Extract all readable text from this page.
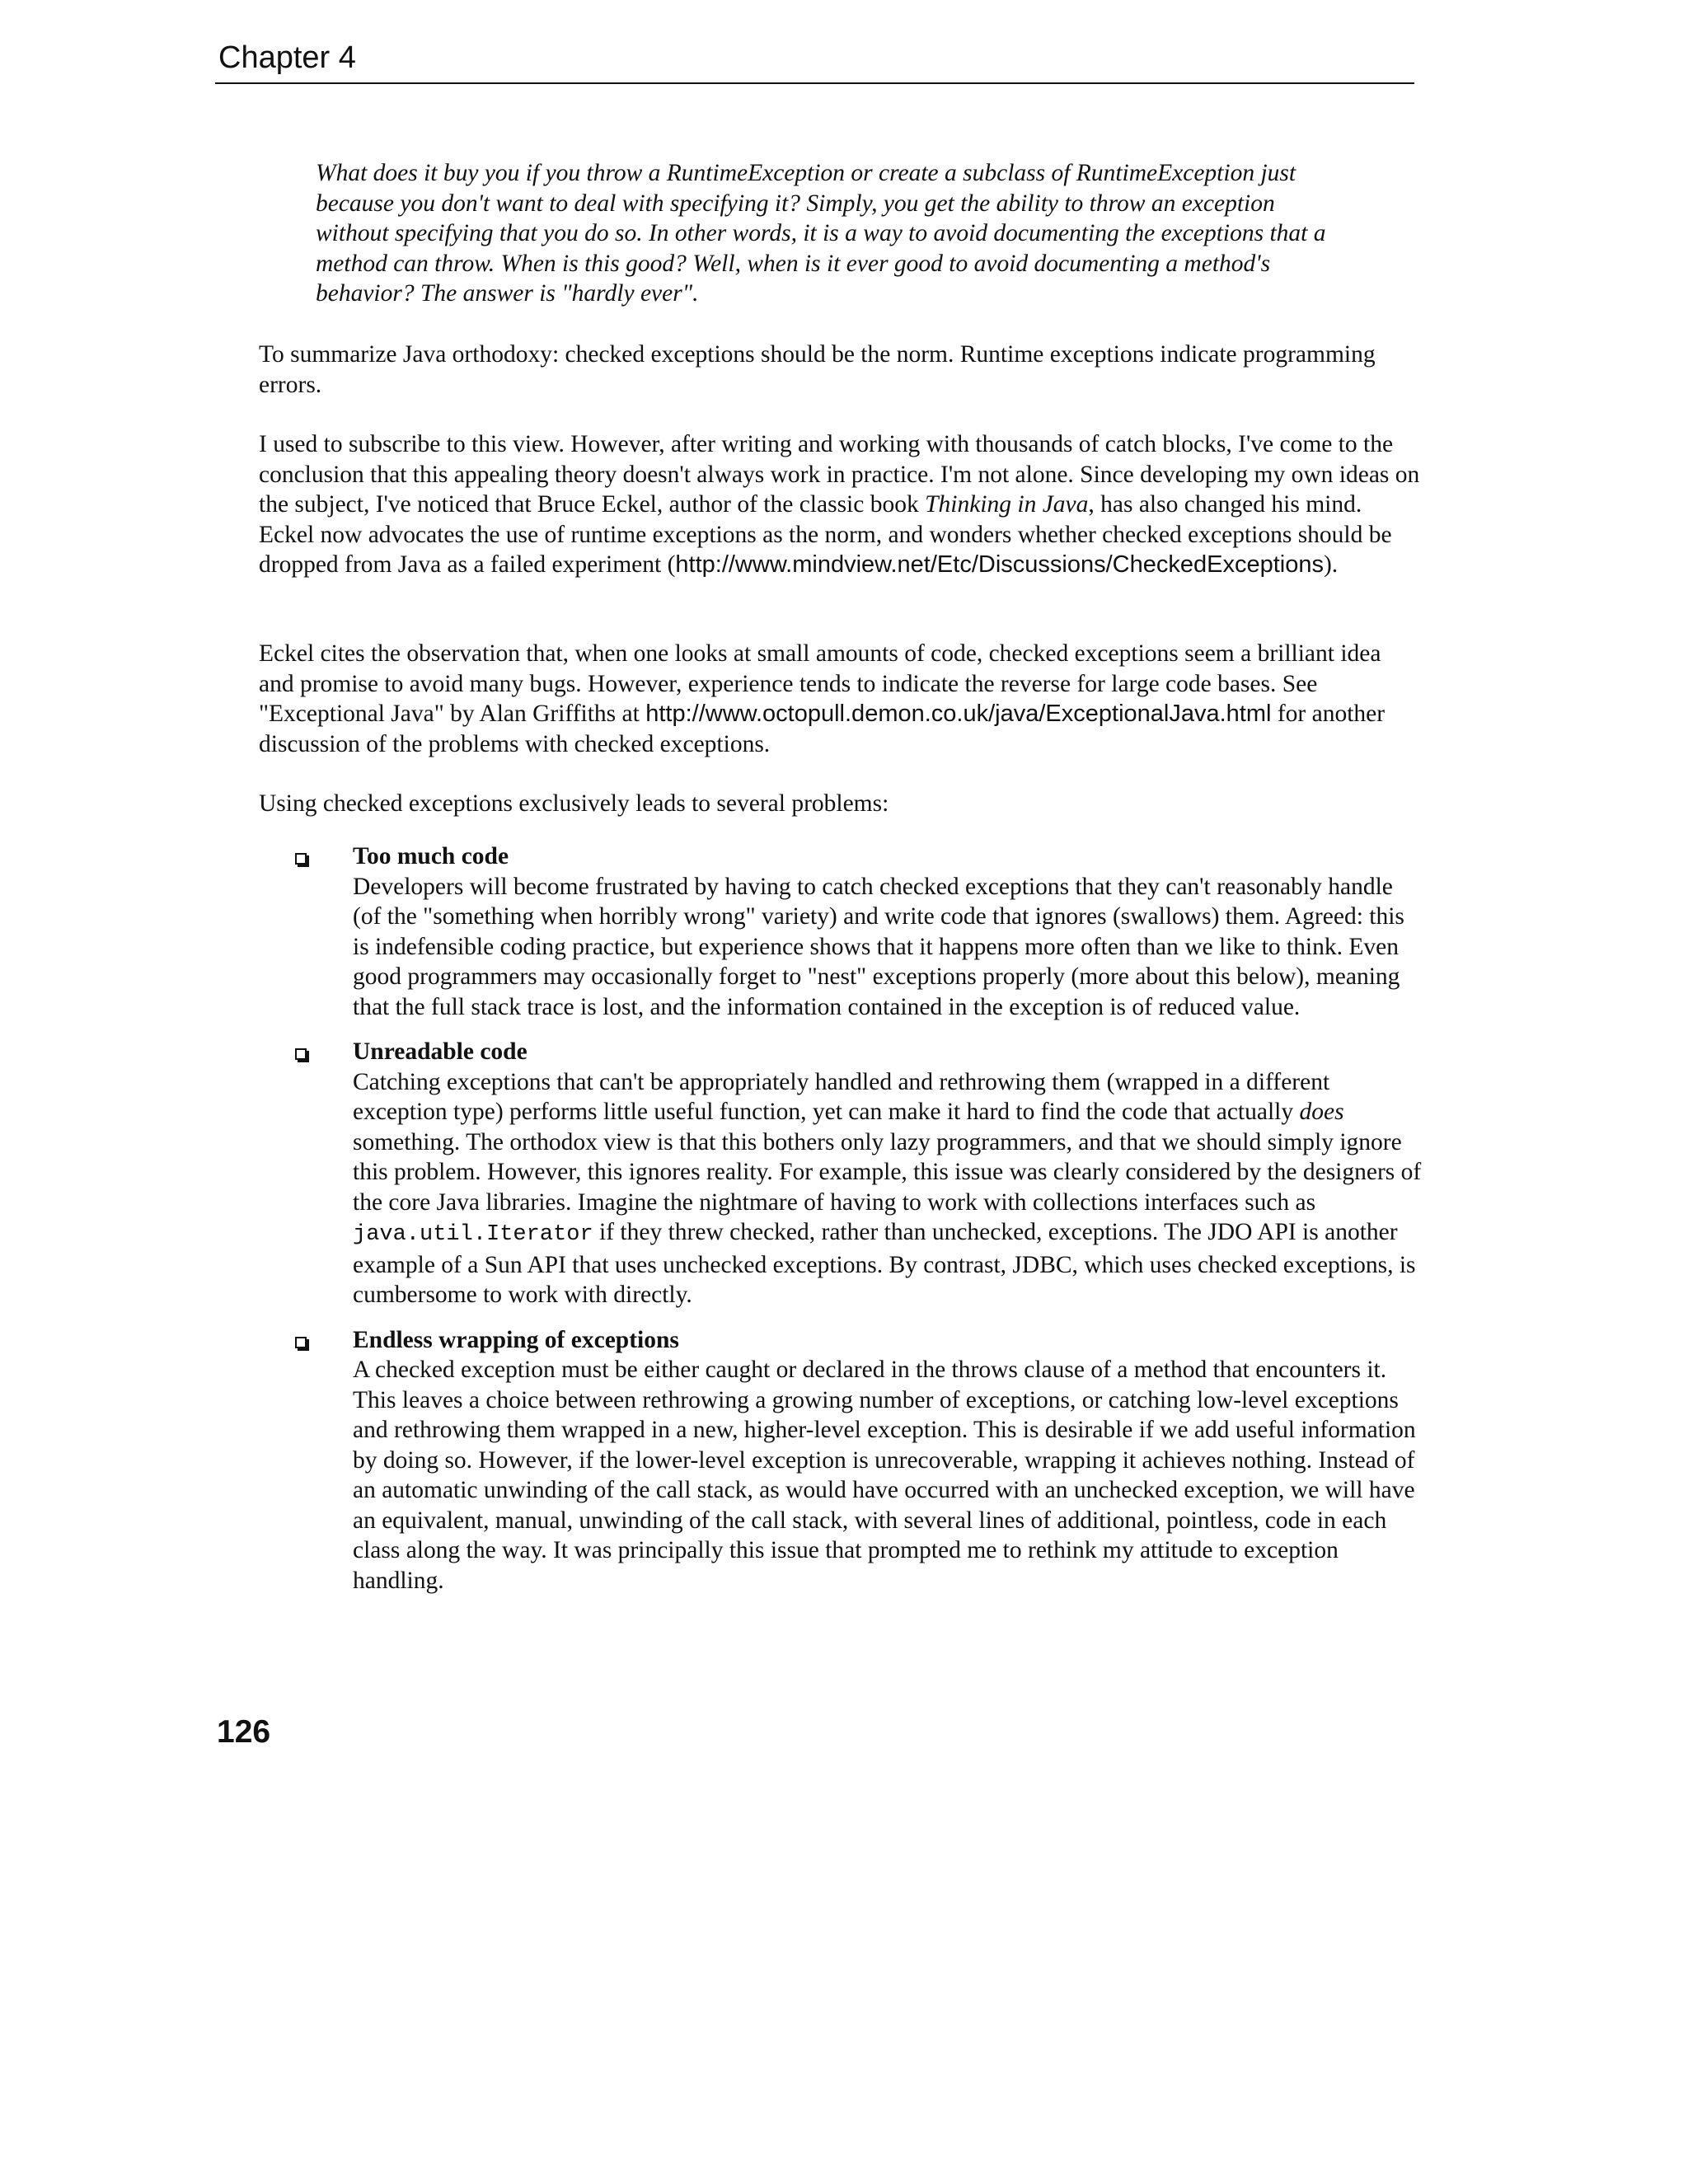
Chapter 4
What does it buy you if you throw a RuntimeException or create a subclass of RuntimeException just because you don't want to deal with specifying it? Simply, you get the ability to throw an exception without specifying that you do so. In other words, it is a way to avoid documenting the exceptions that a method can throw. When is this good? Well, when is it ever good to avoid documenting a method's behavior? The answer is "hardly ever".
To summarize Java orthodoxy: checked exceptions should be the norm. Runtime exceptions indicate programming errors.
I used to subscribe to this view. However, after writing and working with thousands of catch blocks, I've come to the conclusion that this appealing theory doesn't always work in practice. I'm not alone. Since developing my own ideas on the subject, I've noticed that Bruce Eckel, author of the classic book Thinking in Java, has also changed his mind. Eckel now advocates the use of runtime exceptions as the norm, and wonders whether checked exceptions should be dropped from Java as a failed experiment (http://www.mindview.net/Etc/Discussions/CheckedExceptions).
Eckel cites the observation that, when one looks at small amounts of code, checked exceptions seem a brilliant idea and promise to avoid many bugs. However, experience tends to indicate the reverse for large code bases. See "Exceptional Java" by Alan Griffiths at http://www.octopull.demon.co.uk/java/ExceptionalJava.html for another discussion of the problems with checked exceptions.
Using checked exceptions exclusively leads to several problems:
Too much code
Developers will become frustrated by having to catch checked exceptions that they can't reasonably handle (of the "something when horribly wrong" variety) and write code that ignores (swallows) them. Agreed: this is indefensible coding practice, but experience shows that it happens more often than we like to think. Even good programmers may occasionally forget to "nest" exceptions properly (more about this below), meaning that the full stack trace is lost, and the information contained in the exception is of reduced value.
Unreadable code
Catching exceptions that can't be appropriately handled and rethrowing them (wrapped in a different exception type) performs little useful function, yet can make it hard to find the code that actually does something. The orthodox view is that this bothers only lazy programmers, and that we should simply ignore this problem. However, this ignores reality. For example, this issue was clearly considered by the designers of the core Java libraries. Imagine the nightmare of having to work with collections interfaces such as java.util.Iterator if they threw checked, rather than unchecked, exceptions. The JDO API is another example of a Sun API that uses unchecked exceptions. By contrast, JDBC, which uses checked exceptions, is cumbersome to work with directly.
Endless wrapping of exceptions
A checked exception must be either caught or declared in the throws clause of a method that encounters it. This leaves a choice between rethrowing a growing number of exceptions, or catching low-level exceptions and rethrowing them wrapped in a new, higher-level exception. This is desirable if we add useful information by doing so. However, if the lower-level exception is unrecoverable, wrapping it achieves nothing. Instead of an automatic unwinding of the call stack, as would have occurred with an unchecked exception, we will have an equivalent, manual, unwinding of the call stack, with several lines of additional, pointless, code in each class along the way. It was principally this issue that prompted me to rethink my attitude to exception handling.
126
